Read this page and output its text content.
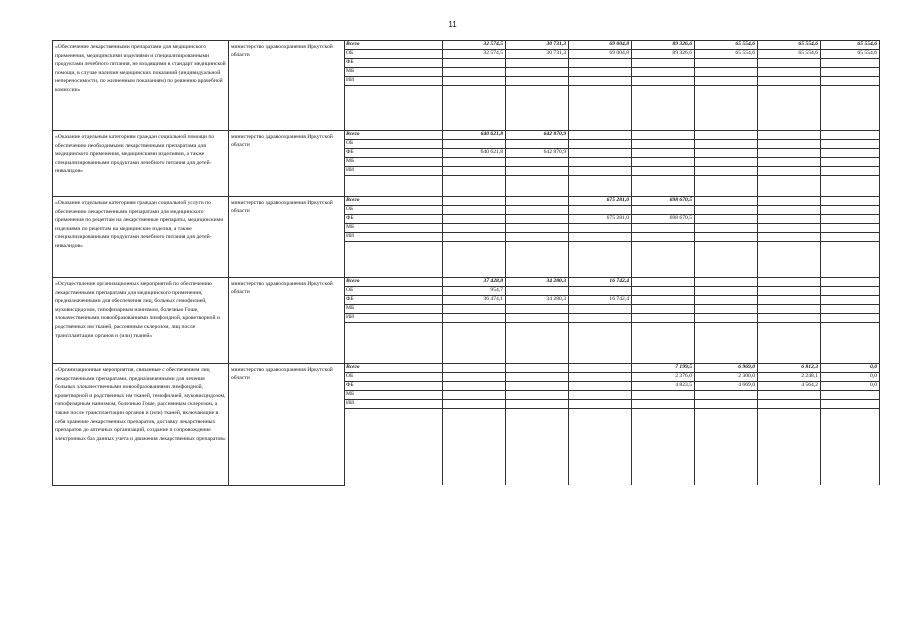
11
«Обеспечение лекарственными препаратами для медицинского применения, медицинскими изделиями и специализированными продуктами лечебного питания, не входящими в стандарт медицинской помощи, в случае наличия медицинских показаний (индивидуальной непереносимости, по жизненным показаниям) по решению врачебной комиссии»	министерство здравоохранения Иркутской области	Всего	32 574,5	30 731,3	69 004,8	89 326,6	65 554,6	65 554,6	65 554,6
		ОБ	32 574,5	30 731,3	69 004,8	89 326,6	65 554,6	65 554,6	65 554,6
		ФБ							
		МБ							
		ИИ							

«Оказание отдельным категориям граждан социальной помощи по обеспечению необходимыми лекарственными препаратами для медицинского применения, медицинскими изделиями, а также специализированными продуктами лечебного питания для детей-инвалидов»	министерство здравоохранения Иркутской области	Всего	640 621,8	642 870,9					
		ОБ							
		ФБ	640 621,8	642 870,9					
		МБ							
		ИИ							

«Оказание отдельным категориям граждан социальной услуги по обеспечению лекарственными препаратами для медицинского применения по рецептам на лекарственные препараты, медицинскими изделиями по рецептам на медицинские изделия, а также специализированными продуктами лечебного питания для детей-инвалидов»	министерство здравоохранения Иркутской области	Всего			675 281,0	698 670,5			
		ОБ							
		ФБ			675 281,0	698 670,5			
		МБ							
		ИИ							

«Осуществление организационных мероприятий по обеспечению лекарственными препаратами для медицинского применения, предназначенными для обеспечения лиц, больных гемофилией, муковисцидозом, гипофизарным нанизмом, болезнью Гоше, злокачественными новообразованиями лимфоидной, кроветворной и родственных им тканей, рассеянным склерозом, лиц после трансплантации органов и (или) тканей»	министерство здравоохранения Иркутской области	Всего	37 428,8	34 280,3	16 742,4				
		ОБ	954,7						
		ФБ	36 474,1	34 280,3	16 742,4				
		МБ							
		ИИ							

«Организационные мероприятия, связанные с обеспечением лиц лекарственными препаратами, предназначенными для лечения больных злокачественными новообразованиями лимфоидной, кроветворной и родственных им тканей, гемофилией, муковисцидозом, гипофизарным нанизмом, болезнью Гоше, рассеянным склерозом, а также после трансплантации органов и (или) тканей, включающие в себя хранение лекарственных препаратов, доставку лекарственных препаратов до аптечных организаций, создание и сопровождение электронных баз данных учета и движения лекарственных препаратов»	министерство здравоохранения Иркутской области	Всего				7 199,5	6 969,0	6 812,3	0,0
		ОБ				2 376,0	2 300,0	2 248,1	0,0
		ФБ				4 823,5	4 669,0	4 564,2	0,0
		МБ							
		ИИ							
